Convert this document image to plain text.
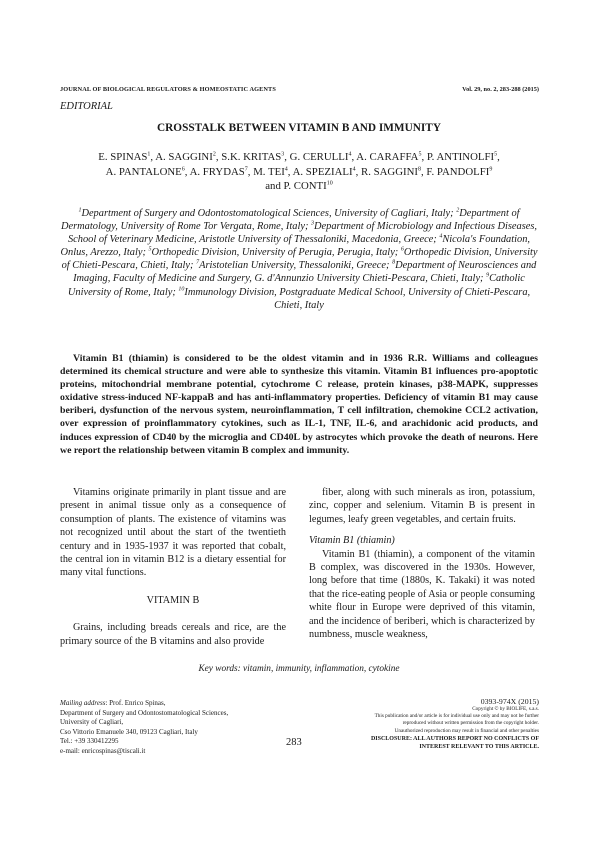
JOURNAL OF BIOLOGICAL REGULATORS & HOMEOSTATIC AGENTS	Vol. 29, no. 2, 283-288 (2015)
EDITORIAL
CROSSTALK BETWEEN VITAMIN B AND IMMUNITY
E. SPINAS$^1$, A. SAGGINI$^2$, S.K. KRITAS$^3$, G. CERULLI$^4$, A. CARAFFA$^5$, P. ANTINOLFI$^5$,
A. PANTALONE$^6$, A. FRYDAS$^7$, M. TEI$^4$, A. SPEZIALI$^4$, R. SAGGINI$^8$, F. PANDOLFI$^9$
and P. CONTI$^{10}$
$^1$Department of Surgery and Odontostomatological Sciences, University of Cagliari, Italy; $^2$Department of Dermatology, University of Rome Tor Vergata, Rome, Italy; $^3$Department of Microbiology and Infectious Diseases, School of Veterinary Medicine, Aristotle University of Thessaloniki, Macedonia, Greece; $^4$Nicola's Foundation, Onlus, Arezzo, Italy; $^5$Orthopedic Division, University of Perugia, Perugia, Italy; $^6$Orthopedic Division, University of Chieti-Pescara, Chieti, Italy; $^7$Aristotelian University, Thessaloniki, Greece; $^8$Department of Neurosciences and Imaging, Faculty of Medicine and Surgery, G. d'Annunzio University Chieti-Pescara, Chieti, Italy; $^9$Catholic University of Rome, Italy; $^{10}$Immunology Division, Postgraduate Medical School, University of Chieti-Pescara, Chieti, Italy
Vitamin B1 (thiamin) is considered to be the oldest vitamin and in 1936 R.R. Williams and colleagues determined its chemical structure and were able to synthesize this vitamin. Vitamin B1 influences pro-apoptotic proteins, mitochondrial membrane potential, cytochrome C release, protein kinases, p38-MAPK, suppresses oxidative stress-induced NF-kappaB and has anti-inflammatory properties. Deficiency of vitamin B1 may cause beriberi, dysfunction of the nervous system, neuroinflammation, T cell infiltration, chemokine CCL2 activation, over expression of proinflammatory cytokines, such as IL-1, TNF, IL-6, and arachidonic acid products, and induces expression of CD40 by the microglia and CD40L by astrocytes which provoke the death of neurons. Here we report the relationship between vitamin B complex and immunity.

Vitamins originate primarily in plant tissue and are present in animal tissue only as a consequence of consumption of plants. The existence of vitamins was not recognized until about the start of the twentieth century and in 1935-1937 it was reported that cobalt, the central ion in vitamin B12 is a dietary essential for many vital functions.

VITAMIN B

Grains, including breads cereals and rice, are the primary source of the B vitamins and also provide

fiber, along with such minerals as iron, potassium, zinc, copper and selenium. Vitamin B is present in legumes, leafy green vegetables, and certain fruits.

Vitamin B1 (thiamin)

Vitamin B1 (thiamin), a component of the vitamin B complex, was discovered in the 1930s. However, long before that time (1880s, K. Takaki) it was noted that the rice-eating people of Asia or people consuming white flour in Europe were deprived of this vitamin, and the incidence of beriberi, which is characterized by numbness, muscle weakness,

Key words: vitamin, immunity, inflammation, cytokine
Mailing address: Prof. Enrico Spinas,
Department of Surgery and Odontostomatological Sciences,
University of Cagliari,
Cso Vittorio Emanuele 340, 09123 Cagliari, Italy
Tel.: +39 330412295
e-mail: enricospinas@tiscali.it
283
0393-974X (2015)
Copyright © by BIOLIFE, s.a.s.
This publication and/or article is for individual use only and may not be further
reproduced without written permission from the copyright holder.
Unauthorized reproduction may result in financial and other penalties
DISCLOSURE: ALL AUTHORS REPORT NO CONFLICTS OF
INTEREST RELEVANT TO THIS ARTICLE.
